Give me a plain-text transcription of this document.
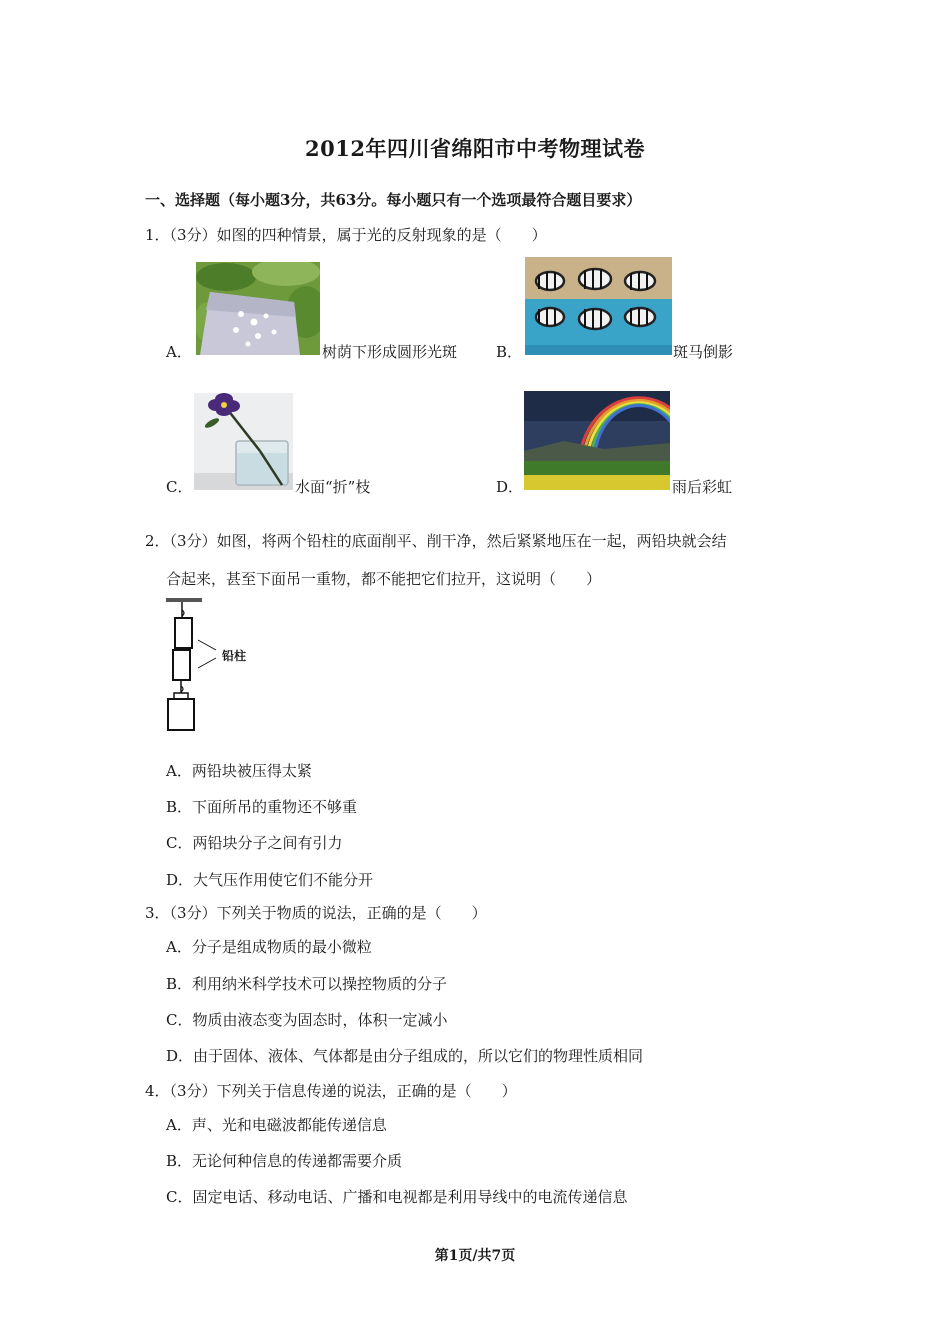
2012年四川省绵阳市中考物理试卷
一、选择题（每小题3分，共63分。每小题只有一个选项最符合题目要求）
1．（3分）如图的四种情景，属于光的反射现象的是（　　）
A．	树荫下形成圆形光斑	B．	斑马倒影
C．	水面“折”枝	D．	雨后彩虹
2．（3分）如图，将两个铅柱的底面削平、削干净，然后紧紧地压在一起，两铅块就会结
合起来，甚至下面吊一重物，都不能把它们拉开，这说明（　　）
铅柱
A．两铅块被压得太紧
B．下面所吊的重物还不够重
C．两铅块分子之间有引力
D．大气压作用使它们不能分开
3．（3分）下列关于物质的说法，正确的是（　　）
A．分子是组成物质的最小微粒
B．利用纳米科学技术可以操控物质的分子
C．物质由液态变为固态时，体积一定减小
D．由于固体、液体、气体都是由分子组成的，所以它们的物理性质相同
4．（3分）下列关于信息传递的说法，正确的是（　　）
A．声、光和电磁波都能传递信息
B．无论何种信息的传递都需要介质
C．固定电话、移动电话、广播和电视都是利用导线中的电流传递信息
第1页/共7页
